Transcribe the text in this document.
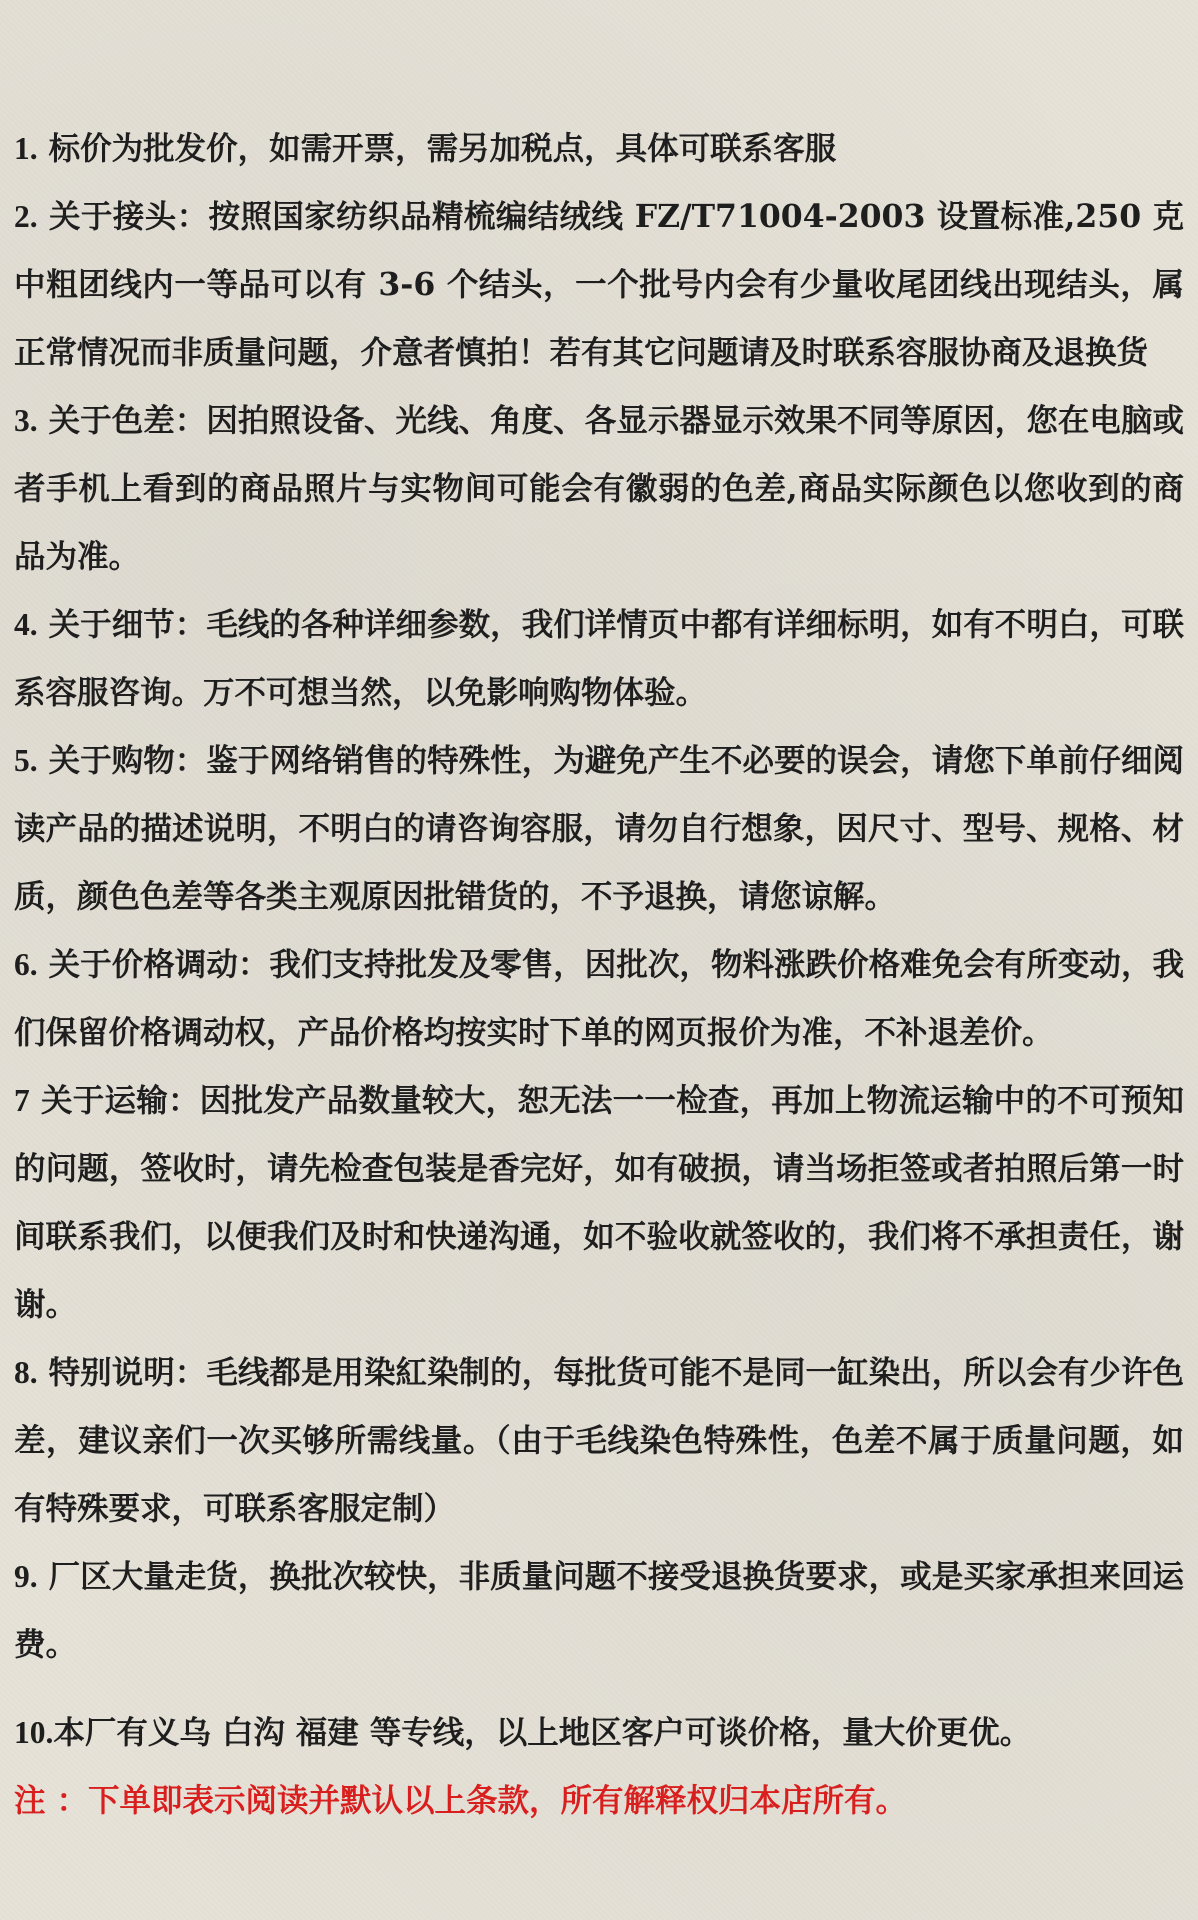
1. 标价为批发价，如需开票，需另加税点，具体可联系客服

2. 关于接头：按照国家纺织品精梳编结绒线 FZ/T71004-2003 设置标准,250 克中粗团线内一等品可以有 3-6 个结头，一个批号内会有少量收尾团线出现结头，属正常情况而非质量问题，介意者慎拍！若有其它问题请及时联系容服协商及退换货

3. 关于色差：因拍照设备、光线、角度、各显示器显示效果不同等原因，您在电脑或者手机上看到的商品照片与实物间可能会有徽弱的色差,商品实际颜色以您收到的商品为准。

4. 关于细节：毛线的各种详细参数，我们详情页中都有详细标明，如有不明白，可联系容服咨询。万不可想当然，以免影响购物体验。

5. 关于购物：鉴于网络销售的特殊性，为避免产生不必要的误会，请您下单前仔细阅读产品的描述说明，不明白的请咨询容服，请勿自行想象，因尺寸、型号、规格、材质，颜色色差等各类主观原因批错货的，不予退换，请您谅解。

6. 关于价格调动：我们支持批发及零售，因批次，物料涨跌价格难免会有所变动，我们保留价格调动权，产品价格均按实时下单的网页报价为准，不补退差价。

7 关于运输：因批发产品数量较大，恕无法一一检查，再加上物流运输中的不可预知的问题，签收时，请先检查包装是香完好，如有破损，请当场拒签或者拍照后第一时间联系我们，以便我们及时和快递沟通，如不验收就签收的，我们将不承担责任，谢谢。

8. 特别说明：毛线都是用染紅染制的，每批货可能不是同一缸染出，所以会有少许色差，建议亲们一次买够所需线量。（由于毛线染色特殊性，色差不属于质量问题，如有特殊要求，可联系客服定制）

9. 厂区大量走货，换批次较快，非质量问题不接受退换货要求，或是买家承担来回运费。

10.本厂有义乌 白沟 福建 等专线，以上地区客户可谈价格，量大价更优。

注 ：下单即表示阅读并默认以上条款，所有解释权归本店所有。
